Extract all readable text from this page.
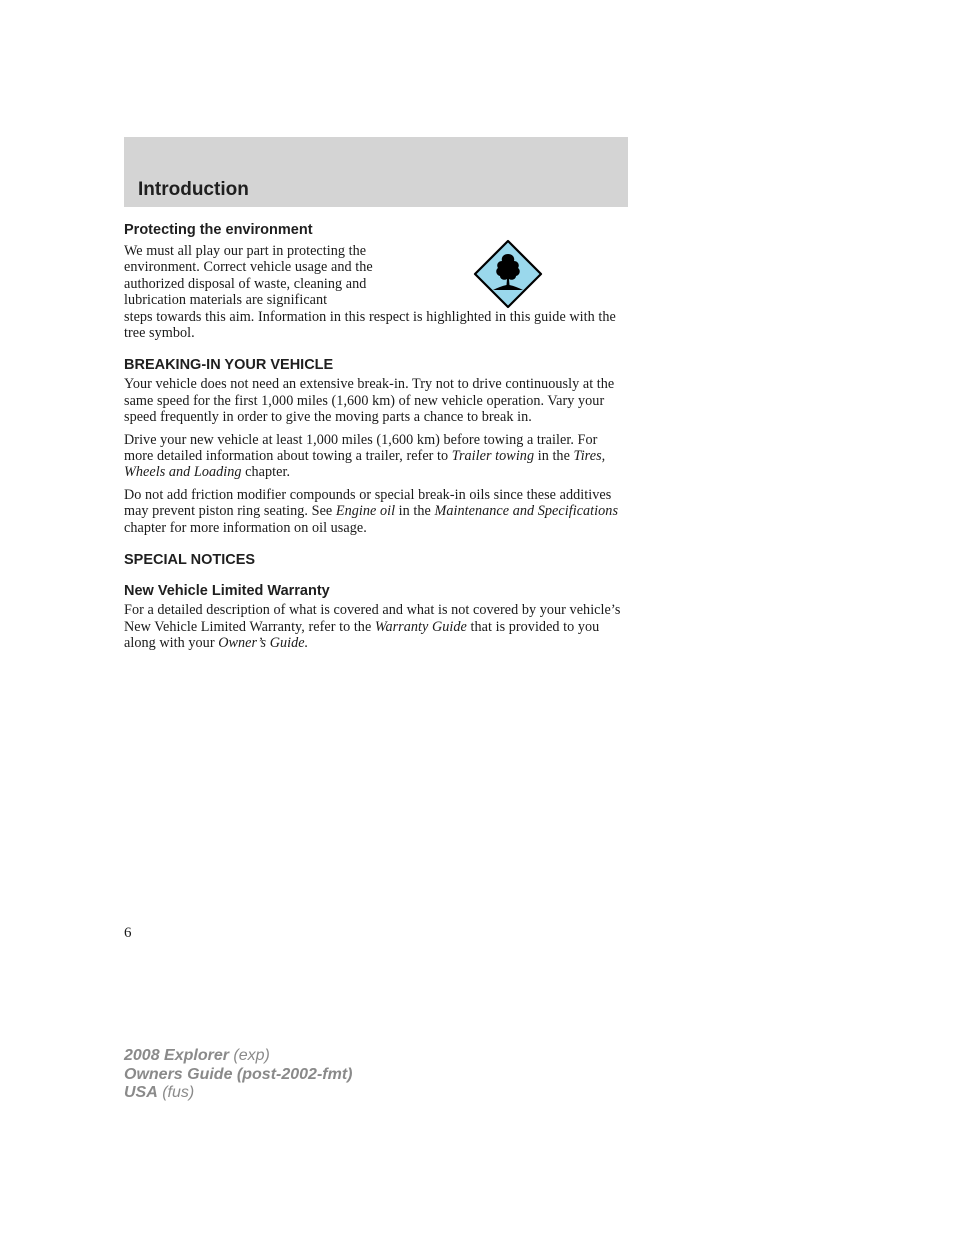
Introduction
Protecting the environment

We must all play our part in protecting the environment. Correct vehicle usage and the authorized disposal of waste, cleaning and lubrication materials are significant

steps towards this aim. Information in this respect is highlighted in this guide with the tree symbol.

BREAKING-IN YOUR VEHICLE

Your vehicle does not need an extensive break-in. Try not to drive continuously at the same speed for the first 1,000 miles (1,600 km) of new vehicle operation. Vary your speed frequently in order to give the moving parts a chance to break in.

Drive your new vehicle at least 1,000 miles (1,600 km) before towing a trailer. For more detailed information about towing a trailer, refer to Trailer towing in the Tires, Wheels and Loading chapter.

Do not add friction modifier compounds or special break-in oils since these additives may prevent piston ring seating. See Engine oil in the Maintenance and Specifications chapter for more information on oil usage.

SPECIAL NOTICES
New Vehicle Limited Warranty

For a detailed description of what is covered and what is not covered by your vehicle’s New Vehicle Limited Warranty, refer to the Warranty Guide that is provided to you along with your Owner’s Guide.

6
2008 Explorer (exp)
Owners Guide (post-2002-fmt)
USA (fus)
